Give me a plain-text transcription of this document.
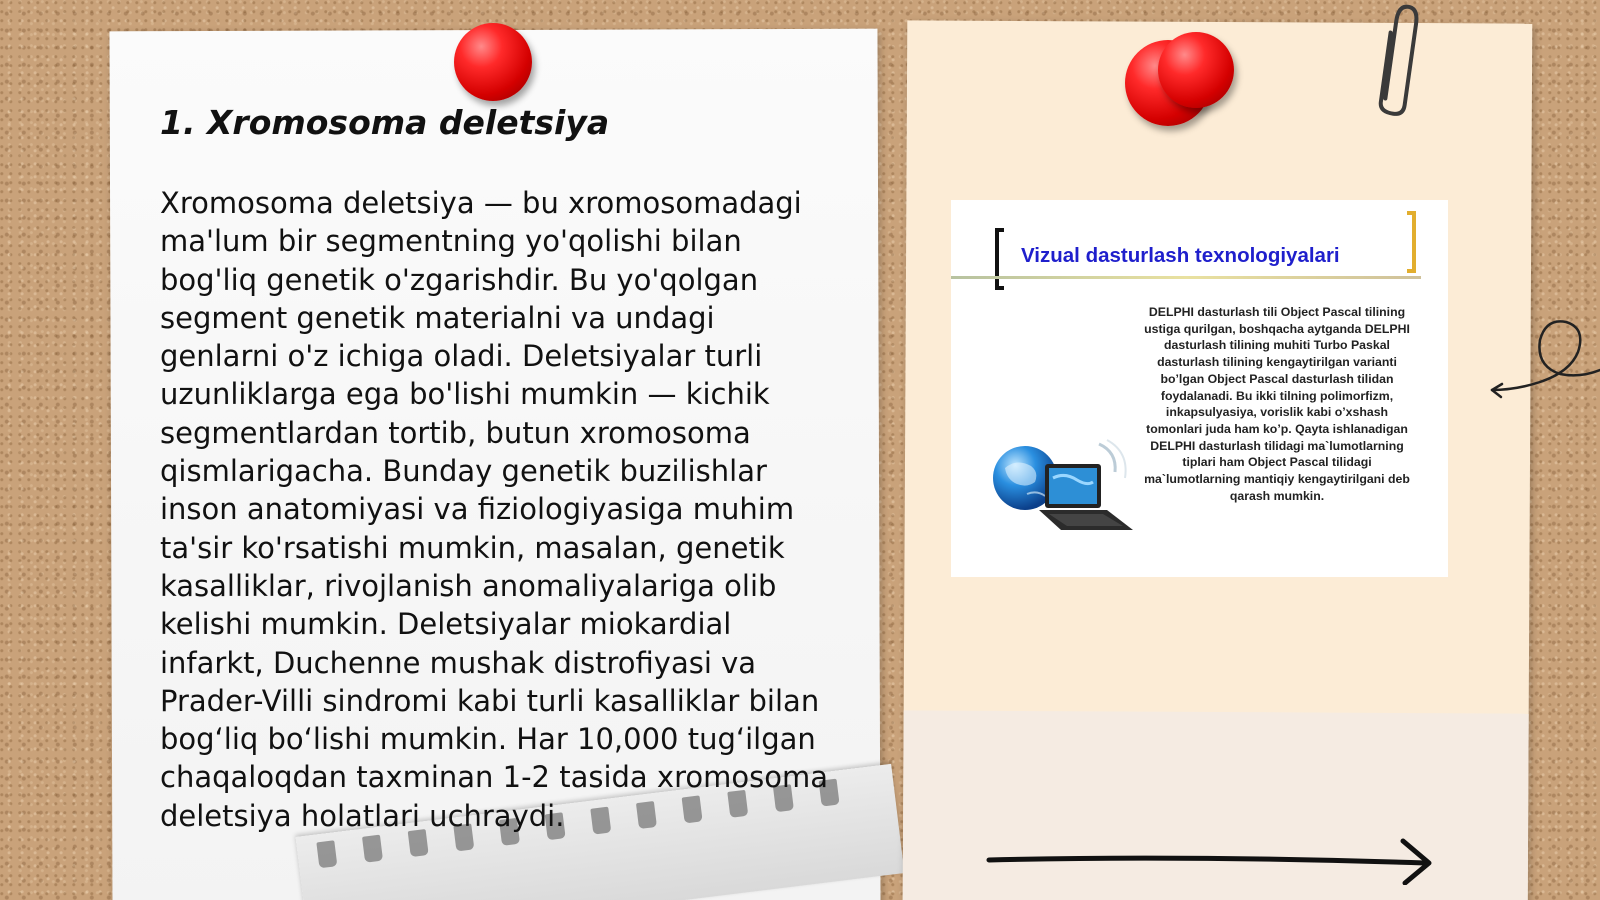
1. Xromosoma deletsiya

Xromosoma deletsiya — bu xromosomadagi ma'lum bir segmentning yo'qolishi bilan bog'liq genetik o'zgarishdir. Bu yo'qolgan segment genetik materialni va undagi genlarni o'z ichiga oladi. Deletsiyalar turli uzunliklarga ega bo'lishi mumkin — kichik segmentlardan tortib, butun xromosoma qismlarigacha. Bunday genetik buzilishlar inson anatomiyasi va fiziologiyasiga muhim ta'sir ko'rsatishi mumkin, masalan, genetik kasalliklar, rivojlanish anomaliyalariga olib kelishi mumkin. Deletsiyalar miokardial infarkt, Duchenne mushak distrofiyasi va Prader-Villi sindromi kabi turli kasalliklar bilan bog‘liq bo‘lishi mumkin. Har 10,000 tug‘ilgan chaqaloqdan taxminan 1-2 tasida xromosoma deletsiya holatlari uchraydi.

Vizual dasturlash texnologiyalari

DELPHI dasturlash tili Object Pascal tilining ustiga qurilgan, boshqacha aytganda DELPHI dasturlash tilining muhiti Turbo Paskal dasturlash tilining kengaytirilgan varianti bo’lgan Object Pascal dasturlash tilidan foydalanadi. Bu ikki tilning polimorfizm, inkapsulyasiya, vorislik kabi o’xshash tomonlari juda ham ko’p. Qayta ishlanadigan DELPHI dasturlash tilidagi ma`lumotlarning tiplari ham Object Pascal tilidagi ma`lumotlarning mantiqiy kengaytirilgani deb qarash mumkin.
